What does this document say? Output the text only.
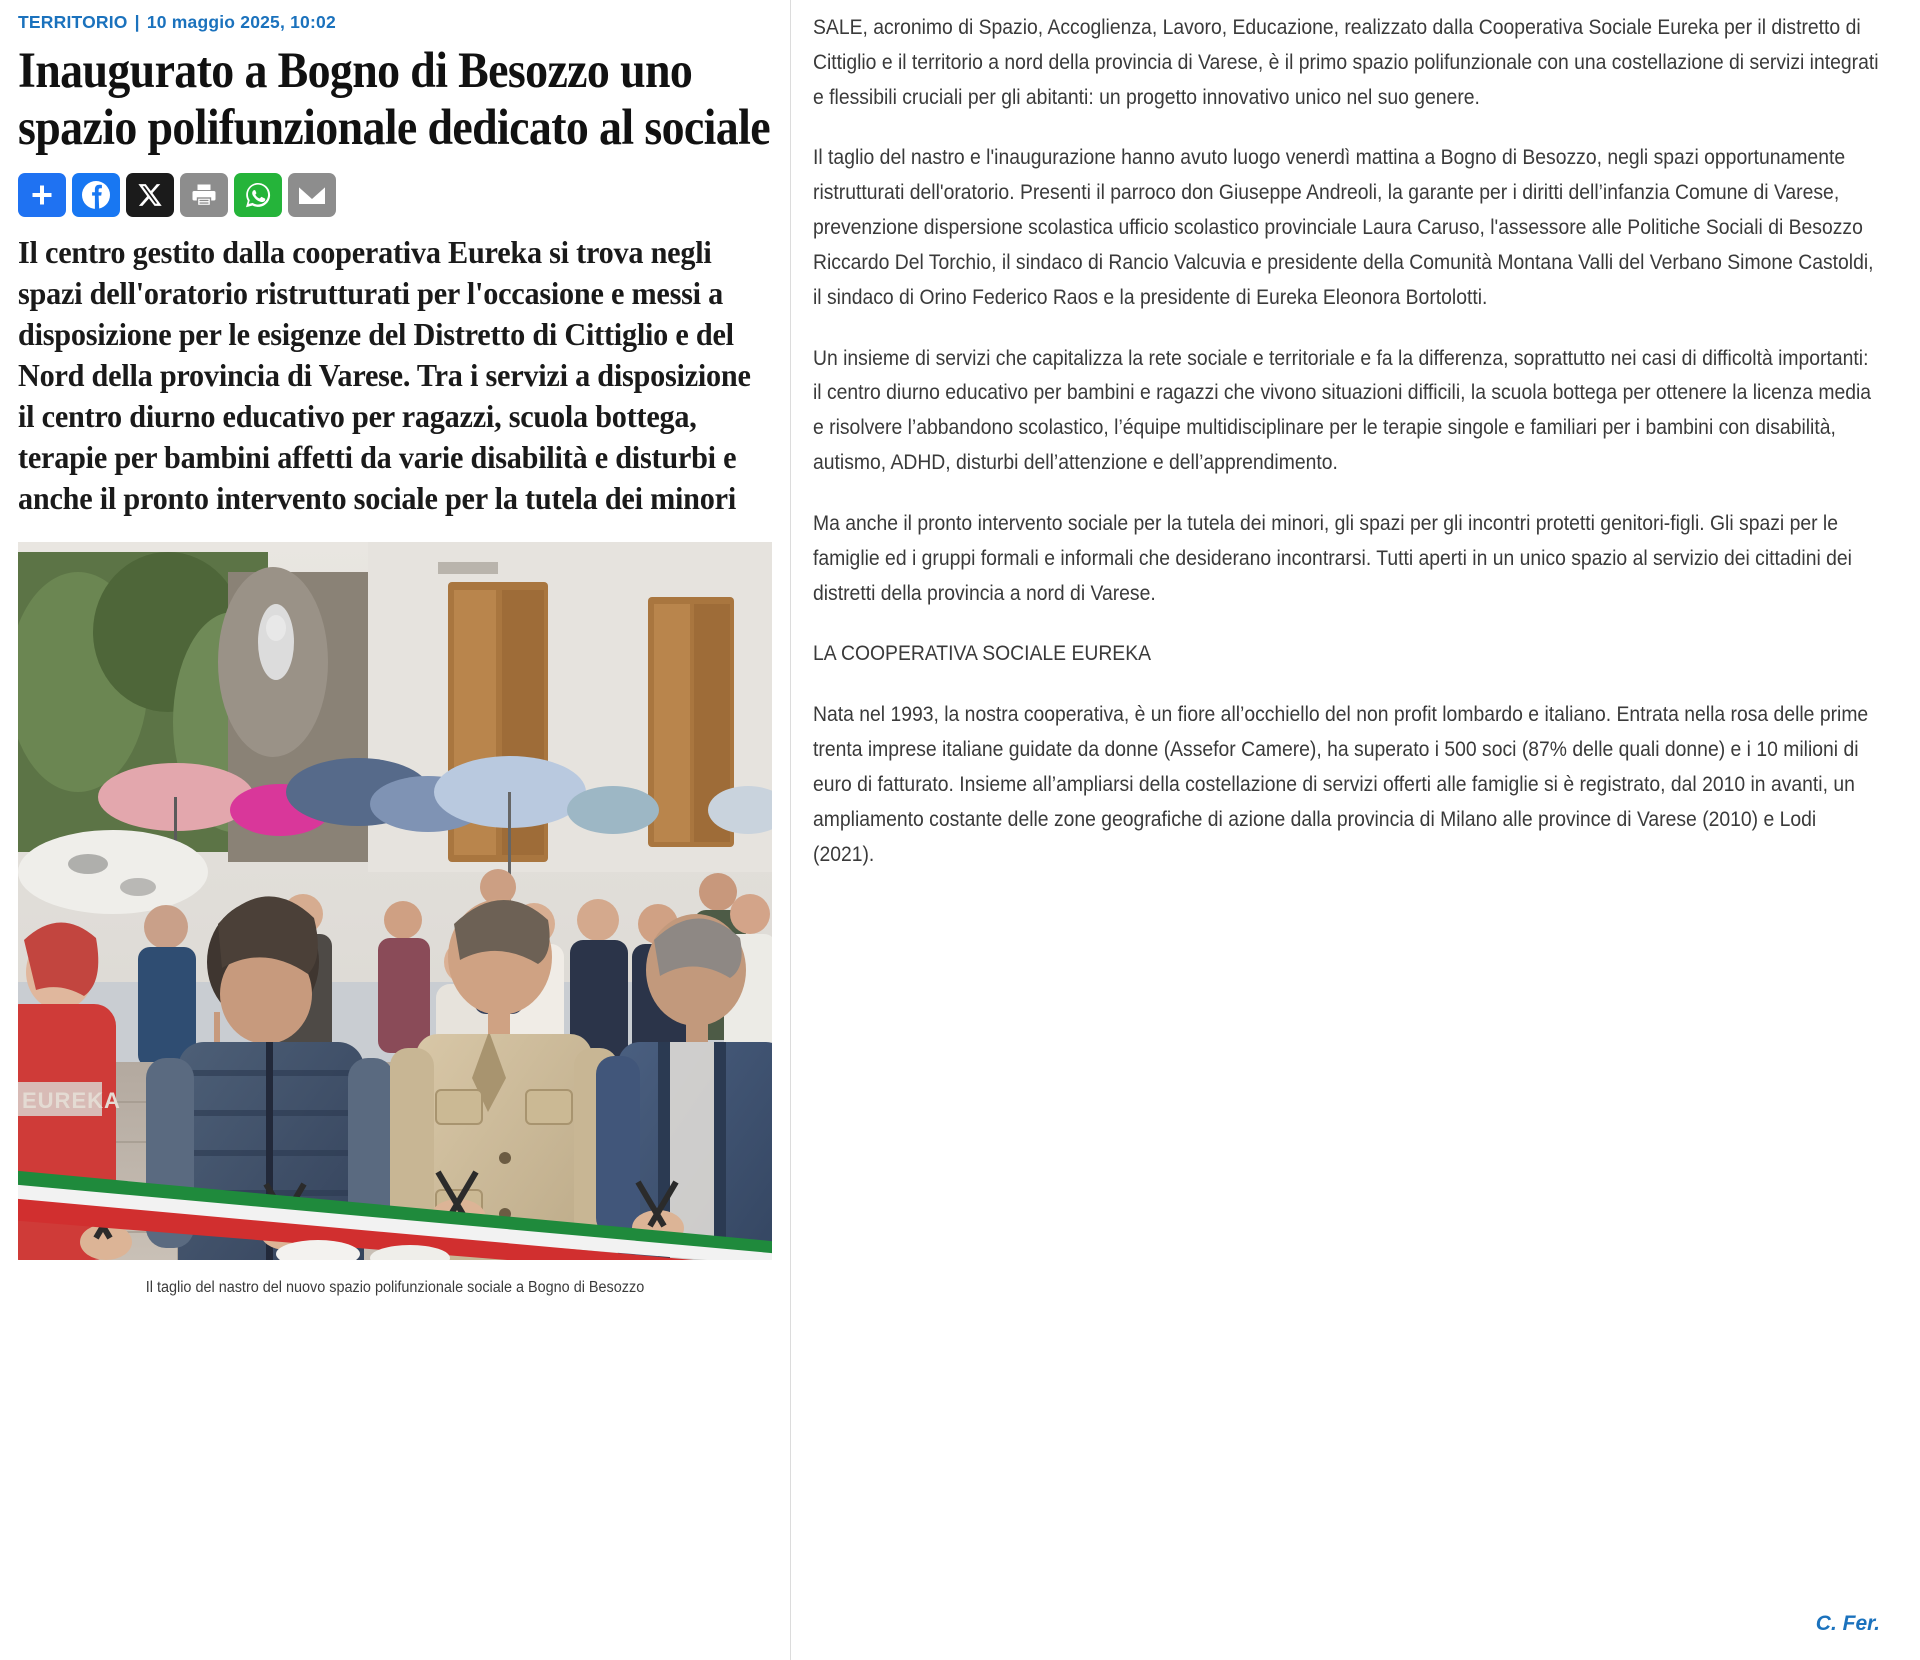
TERRITORIO | 10 maggio 2025, 10:02
Inaugurato a Bogno di Besozzo uno spazio polifunzionale dedicato al sociale
Il centro gestito dalla cooperativa Eureka si trova negli spazi dell'oratorio ristrutturati per l'occasione e messi a disposizione per le esigenze del Distretto di Cittiglio e del Nord della provincia di Varese. Tra i servizi a disposizione il centro diurno educativo per ragazzi, scuola bottega, terapie per bambini affetti da varie disabilità e disturbi e anche il pronto intervento sociale per la tutela dei minori
EUREKA
Il taglio del nastro del nuovo spazio polifunzionale sociale a Bogno di Besozzo

SALE, acronimo di Spazio, Accoglienza, Lavoro, Educazione, realizzato dalla Cooperativa Sociale Eureka per il distretto di Cittiglio e il territorio a nord della provincia di Varese, è il primo spazio polifunzionale con una costellazione di servizi integrati e flessibili cruciali per gli abitanti: un progetto innovativo unico nel suo genere.

Il taglio del nastro e l'inaugurazione hanno avuto luogo venerdì mattina a Bogno di Besozzo, negli spazi opportunamente ristrutturati dell'oratorio. Presenti il parroco don Giuseppe Andreoli, la garante per i diritti dell’infanzia Comune di Varese, prevenzione dispersione scolastica ufficio scolastico provinciale Laura Caruso, l'assessore alle Politiche Sociali di Besozzo Riccardo Del Torchio, il sindaco di Rancio Valcuvia e presidente della Comunità Montana Valli del Verbano Simone Castoldi, il sindaco di Orino Federico Raos e la presidente di Eureka Eleonora Bortolotti.

Un insieme di servizi che capitalizza la rete sociale e territoriale e fa la differenza, soprattutto nei casi di difficoltà importanti: il centro diurno educativo per bambini e ragazzi che vivono situazioni difficili, la scuola bottega per ottenere la licenza media e risolvere l’abbandono scolastico, l’équipe multidisciplinare per le terapie singole e familiari per i bambini con disabilità, autismo, ADHD, disturbi dell’attenzione e dell’apprendimento.

Ma anche il pronto intervento sociale per la tutela dei minori, gli spazi per gli incontri protetti genitori-figli. Gli spazi per le famiglie ed i gruppi formali e informali che desiderano incontrarsi. Tutti aperti in un unico spazio al servizio dei cittadini dei distretti della provincia a nord di Varese.

LA COOPERATIVA SOCIALE EUREKA

Nata nel 1993, la nostra cooperativa, è un fiore all’occhiello del non profit lombardo e italiano. Entrata nella rosa delle prime trenta imprese italiane guidate da donne (Assefor Camere), ha superato i 500 soci (87% delle quali donne) e i 10 milioni di euro di fatturato. Insieme all’ampliarsi della costellazione di servizi offerti alle famiglie si è registrato, dal 2010 in avanti, un ampliamento costante delle zone geografiche di azione dalla provincia di Milano alle province di Varese (2010) e Lodi (2021).

C. Fer.
